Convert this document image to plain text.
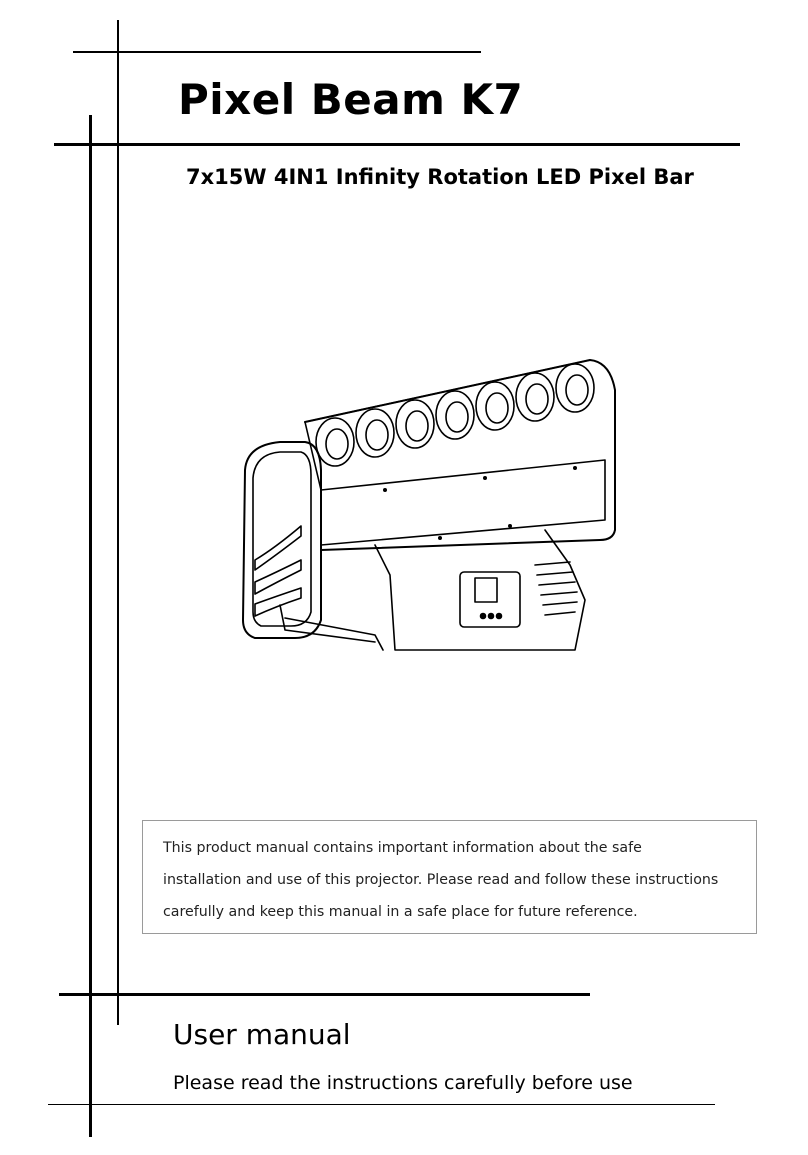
Pixel Beam K7
7x15W 4IN1 Infinity Rotation LED Pixel Bar

This product manual contains important information about the safe

installation and use of this projector. Please read and follow these instructions

carefully and keep this manual in a safe place for future reference.

User manual
Please read the instructions carefully before use
